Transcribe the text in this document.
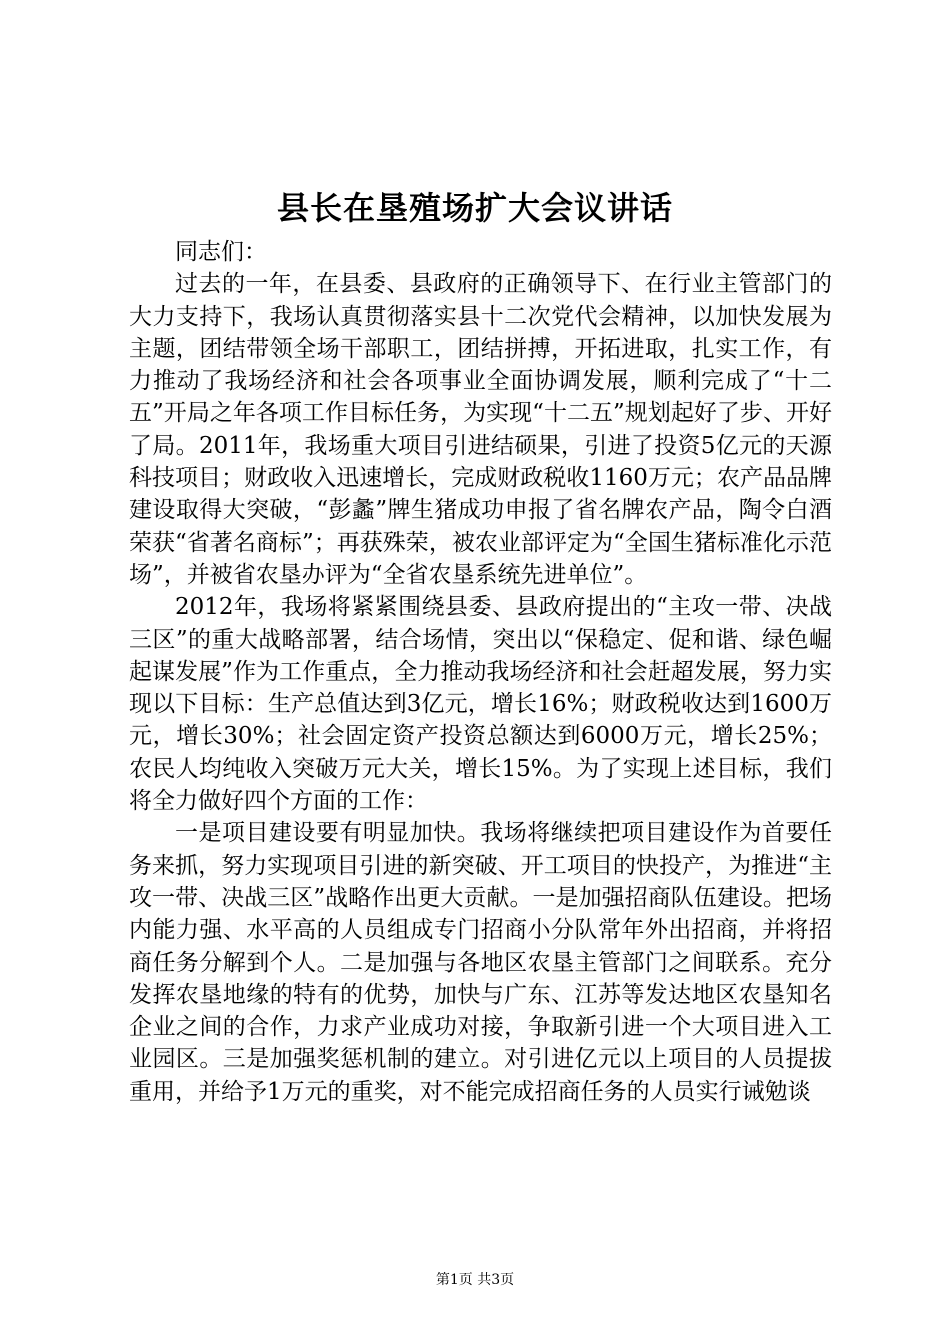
县长在垦殖场扩大会议讲话

同志们：

过去的一年，在县委、县政府的正确领导下、在行业主管部门的大力支持下，我场认真贯彻落实县十二次党代会精神，以加快发展为主题，团结带领全场干部职工，团结拼搏，开拓进取，扎实工作，有力推动了我场经济和社会各项事业全面协调发展，顺利完成了“十二五”开局之年各项工作目标任务，为实现“十二五”规划起好了步、开好了局。2011年，我场重大项目引进结硕果，引进了投资5亿元的天源科技项目；财政收入迅速增长，完成财政税收1160万元；农产品品牌建设取得大突破，“彭蠡”牌生猪成功申报了省名牌农产品，陶令白酒荣获“省著名商标”；再获殊荣，被农业部评定为“全国生猪标准化示范场”，并被省农垦办评为“全省农垦系统先进单位”。

2012年，我场将紧紧围绕县委、县政府提出的“主攻一带、决战三区”的重大战略部署，结合场情，突出以“保稳定、促和谐、绿色崛起谋发展”作为工作重点，全力推动我场经济和社会赶超发展，努力实现以下目标：生产总值达到3亿元，增长16%；财政税收达到1600万元，增长30%；社会固定资产投资总额达到6000万元，增长25%；农民人均纯收入突破万元大关，增长15%。为了实现上述目标，我们将全力做好四个方面的工作：

一是项目建设要有明显加快。我场将继续把项目建设作为首要任务来抓，努力实现项目引进的新突破、开工项目的快投产，为推进“主攻一带、决战三区”战略作出更大贡献。一是加强招商队伍建设。把场内能力强、水平高的人员组成专门招商小分队常年外出招商，并将招商任务分解到个人。二是加强与各地区农垦主管部门之间联系。充分发挥农垦地缘的特有的优势，加快与广东、江苏等发达地区农垦知名企业之间的合作，力求产业成功对接，争取新引进一个大项目进入工业园区。三是加强奖惩机制的建立。对引进亿元以上项目的人员提拔重用，并给予1万元的重奖，对不能完成招商任务的人员实行诫勉谈

第1页 共3页
